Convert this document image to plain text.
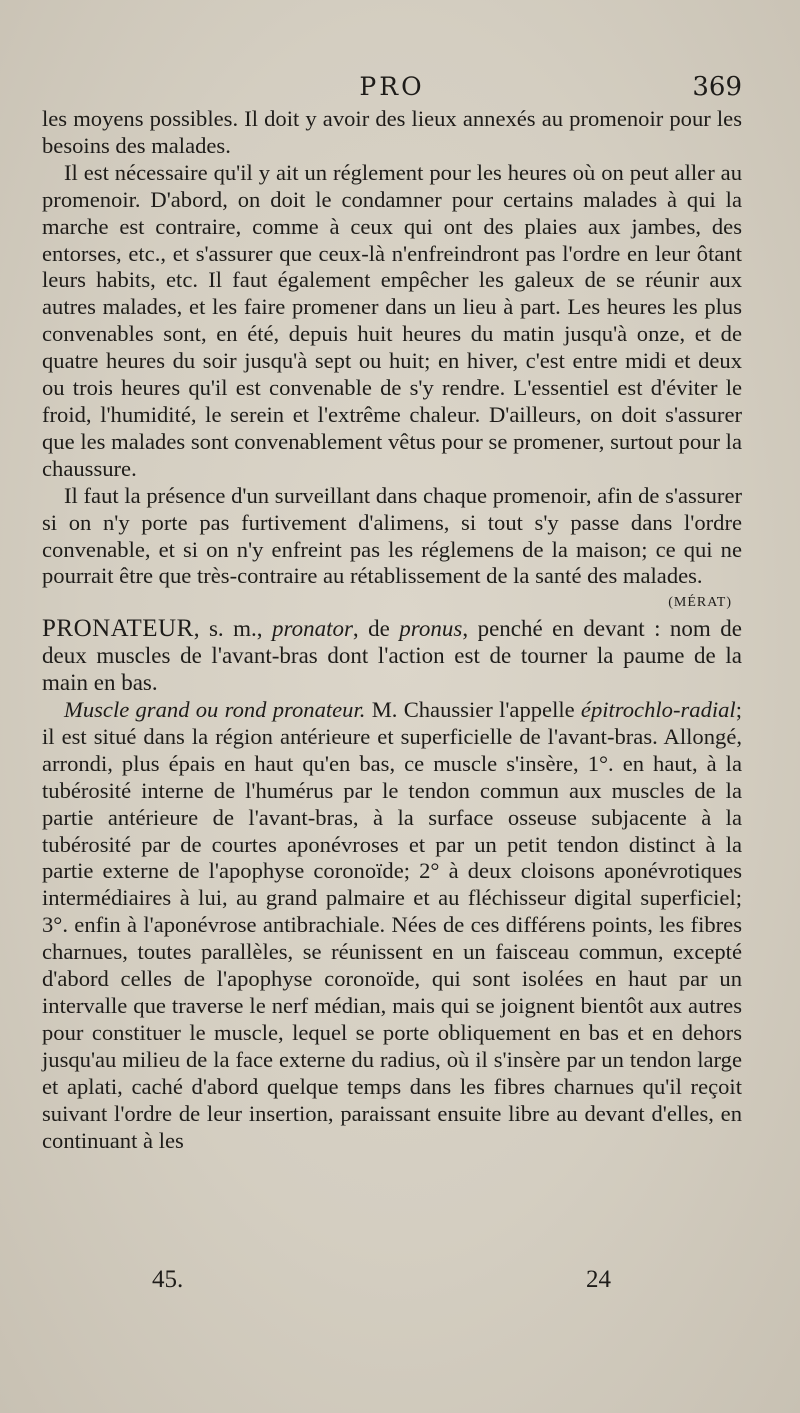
PRO	369

les moyens possibles. Il doit y avoir des lieux annexés au promenoir pour les besoins des malades.

Il est nécessaire qu'il y ait un réglement pour les heures où on peut aller au promenoir. D'abord, on doit le condamner pour certains malades à qui la marche est contraire, comme à ceux qui ont des plaies aux jambes, des entorses, etc., et s'assurer que ceux-là n'enfreindront pas l'ordre en leur ôtant leurs habits, etc. Il faut également empêcher les galeux de se réunir aux autres malades, et les faire promener dans un lieu à part. Les heures les plus convenables sont, en été, depuis huit heures du matin jusqu'à onze, et de quatre heures du soir jusqu'à sept ou huit; en hiver, c'est entre midi et deux ou trois heures qu'il est convenable de s'y rendre. L'essentiel est d'éviter le froid, l'humidité, le serein et l'extrême chaleur. D'ailleurs, on doit s'assurer que les malades sont convenablement vêtus pour se promener, surtout pour la chaussure.

Il faut la présence d'un surveillant dans chaque promenoir, afin de s'assurer si on n'y porte pas furtivement d'alimens, si tout s'y passe dans l'ordre convenable, et si on n'y enfreint pas les réglemens de la maison; ce qui ne pourrait être que très-contraire au rétablissement de la santé des malades.

(MÉRAT)

PRONATEUR, s. m., pronator, de pronus, penché en devant : nom de deux muscles de l'avant-bras dont l'action est de tourner la paume de la main en bas.

Muscle grand ou rond pronateur. M. Chaussier l'appelle épitrochlo-radial; il est situé dans la région antérieure et superficielle de l'avant-bras. Allongé, arrondi, plus épais en haut qu'en bas, ce muscle s'insère, 1°. en haut, à la tubérosité interne de l'humérus par le tendon commun aux muscles de la partie antérieure de l'avant-bras, à la surface osseuse subjacente à la tubérosité par de courtes aponévroses et par un petit tendon distinct à la partie externe de l'apophyse coronoïde; 2° à deux cloisons aponévrotiques intermédiaires à lui, au grand palmaire et au fléchisseur digital superficiel; 3°. enfin à l'aponévrose antibrachiale. Nées de ces différens points, les fibres charnues, toutes parallèles, se réunissent en un faisceau commun, excepté d'abord celles de l'apophyse coronoïde, qui sont isolées en haut par un intervalle que traverse le nerf médian, mais qui se joignent bientôt aux autres pour constituer le muscle, lequel se porte obliquement en bas et en dehors jusqu'au milieu de la face externe du radius, où il s'insère par un tendon large et aplati, caché d'abord quelque temps dans les fibres charnues qu'il reçoit suivant l'ordre de leur insertion, paraissant ensuite libre au devant d'elles, en continuant à les

45.	24
